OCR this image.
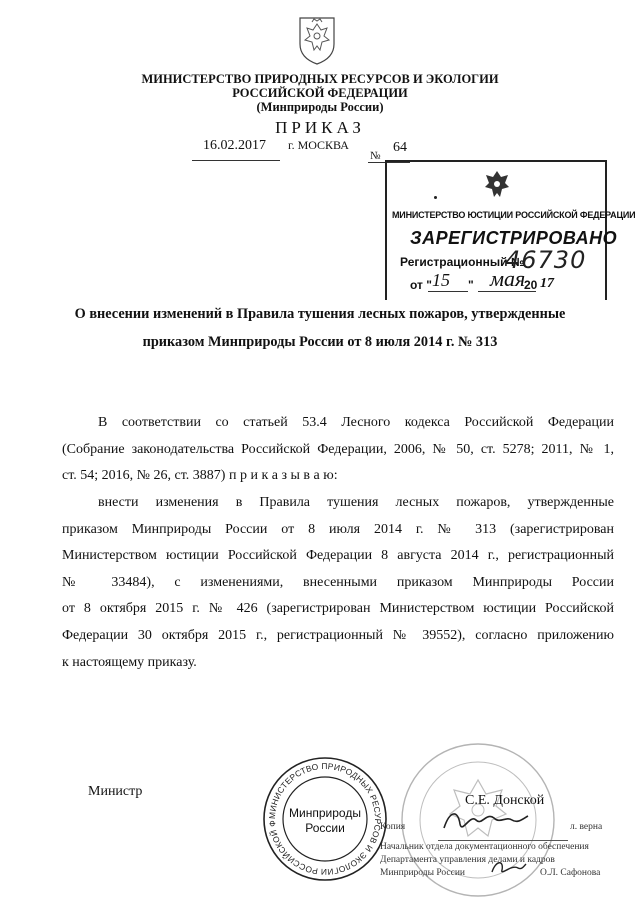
МИНИСТЕРСТВО ПРИРОДНЫХ РЕСУРСОВ И ЭКОЛОГИИ
РОССИЙСКОЙ ФЕДЕРАЦИИ
(Минприроды России)
ПРИКАЗ
16.02.2017 г. МОСКВА
№
64
МИНИСТЕРСТВО ЮСТИЦИИ РОССИЙСКОЙ ФЕДЕРАЦИИ
ЗАРЕГИСТРИРОВАНО
Регистрационный №
46730
от " 15 " мая
20 17
О внесении изменений в Правила тушения лесных пожаров, утвержденные
приказом Минприроды России от 8 июля 2014 г. № 313
В соответствии со статьей 53.4 Лесного кодекса Российской Федерации
(Собрание законодательства Российской Федерации, 2006, № 50, ст. 5278; 2011, № 1,
ст. 54; 2016, № 26, ст. 3887) п р и к а з ы в а ю:
внести изменения в Правила тушения лесных пожаров, утвержденные
приказом Минприроды России от 8 июля 2014 г. № 313 (зарегистрирован
Министерством юстиции Российской Федерации 8 августа 2014 г., регистрационный
№ 33484), с изменениями, внесенными приказом Минприроды России
от 8 октября 2015 г. № 426 (зарегистрирован Министерством юстиции Российской
Федерации 30 октября 2015 г., регистрационный № 39552), согласно приложению
к настоящему приказу.
Министр
МИНИСТЕРСТВО ПРИРОДНЫХ РЕСУРСОВ И ЭКОЛОГИИ РОССИЙСКОЙ Ф
Минприроды
России
С.Е. Донской
Копия	л. верна
Начальник отдела документационного обеспечения
Департамента управления делами и кадров
Минприроды России	О.Л. Сафонова
